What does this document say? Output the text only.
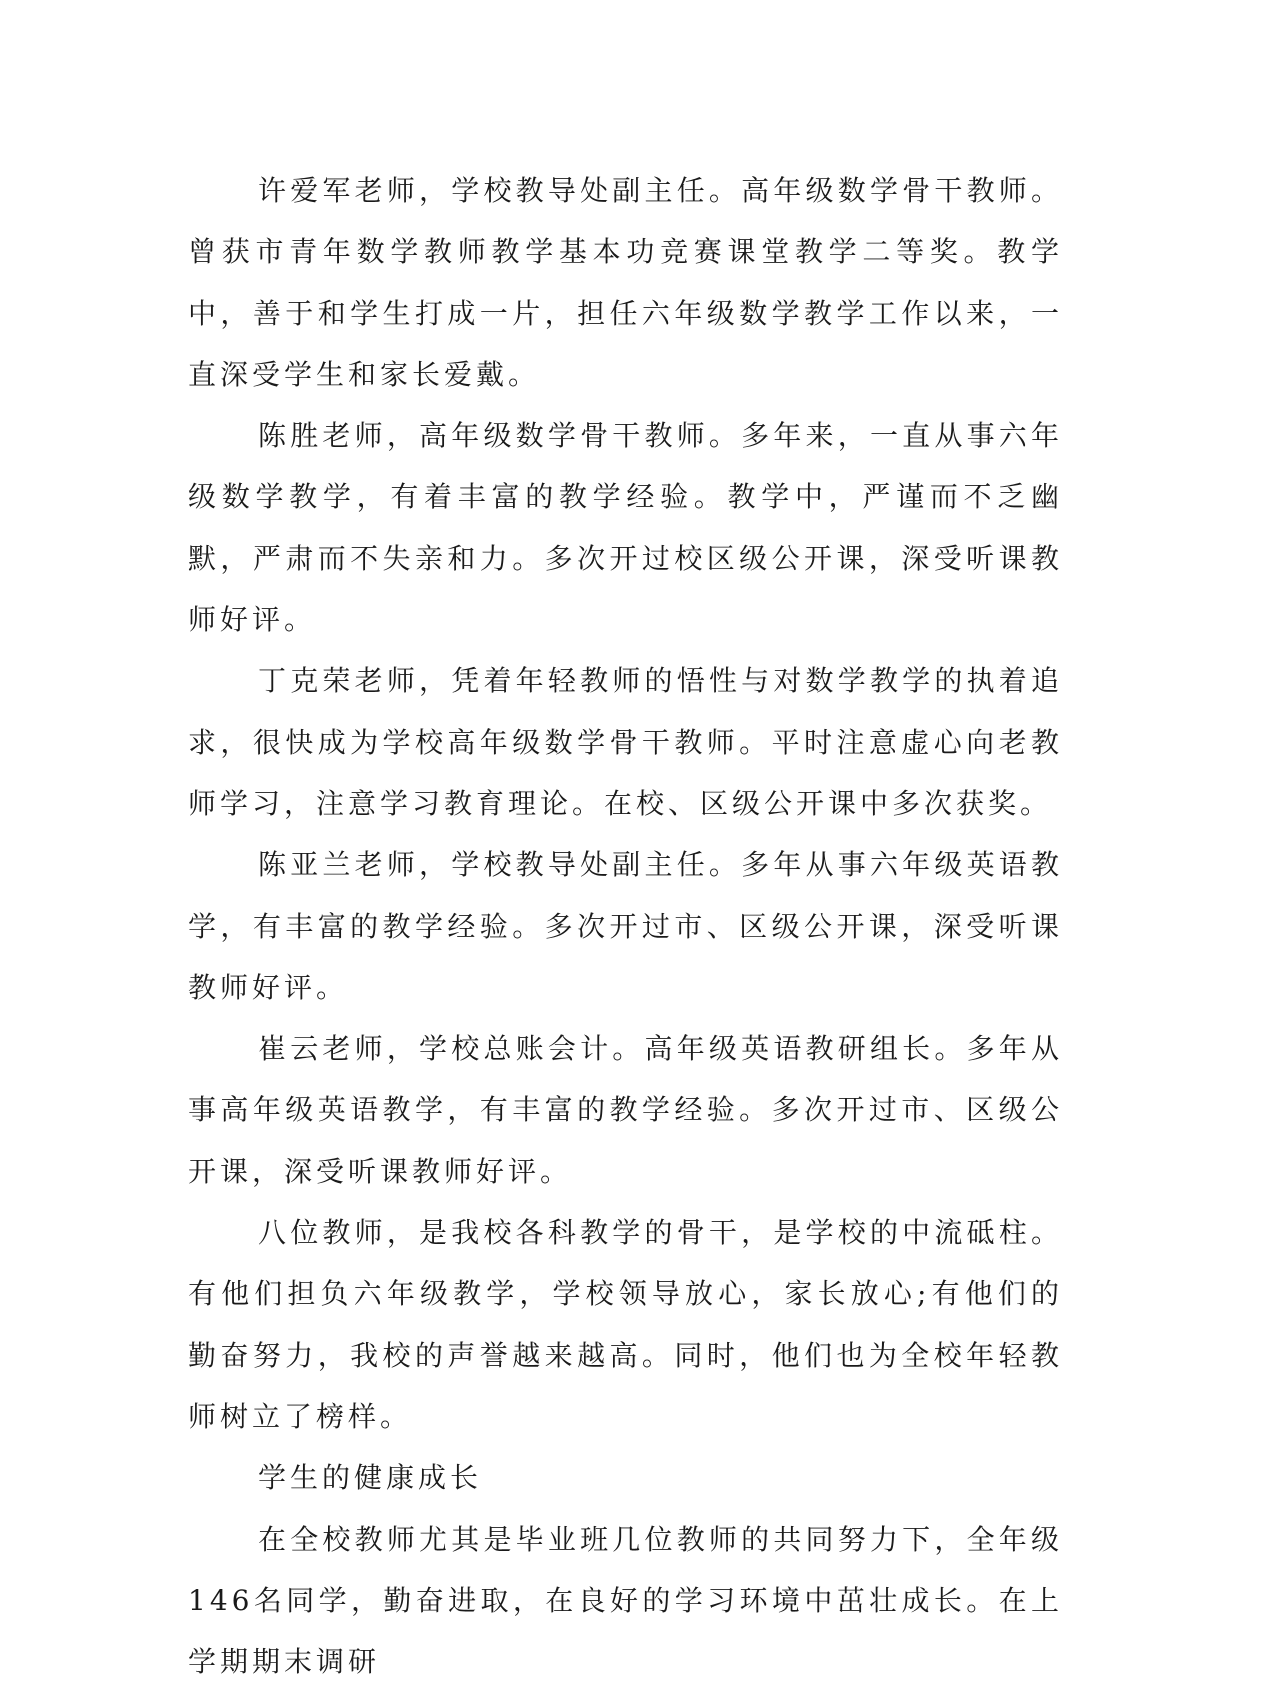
许爱军老师，学校教导处副主任。高年级数学骨干教师。曾获市青年数学教师教学基本功竞赛课堂教学二等奖。教学中，善于和学生打成一片，担任六年级数学教学工作以来，一直深受学生和家长爱戴。

陈胜老师，高年级数学骨干教师。多年来，一直从事六年级数学教学，有着丰富的教学经验。教学中，严谨而不乏幽默，严肃而不失亲和力。多次开过校区级公开课，深受听课教师好评。

丁克荣老师，凭着年轻教师的悟性与对数学教学的执着追求，很快成为学校高年级数学骨干教师。平时注意虚心向老教师学习，注意学习教育理论。在校、区级公开课中多次获奖。

陈亚兰老师，学校教导处副主任。多年从事六年级英语教学，有丰富的教学经验。多次开过市、区级公开课，深受听课教师好评。

崔云老师，学校总账会计。高年级英语教研组长。多年从事高年级英语教学，有丰富的教学经验。多次开过市、区级公开课，深受听课教师好评。

八位教师，是我校各科教学的骨干，是学校的中流砥柱。有他们担负六年级教学，学校领导放心，家长放心;有他们的勤奋努力，我校的声誉越来越高。同时，他们也为全校年轻教师树立了榜样。

学生的健康成长

在全校教师尤其是毕业班几位教师的共同努力下，全年级146名同学，勤奋进取，在良好的学习环境中茁壮成长。在上学期期末调研
